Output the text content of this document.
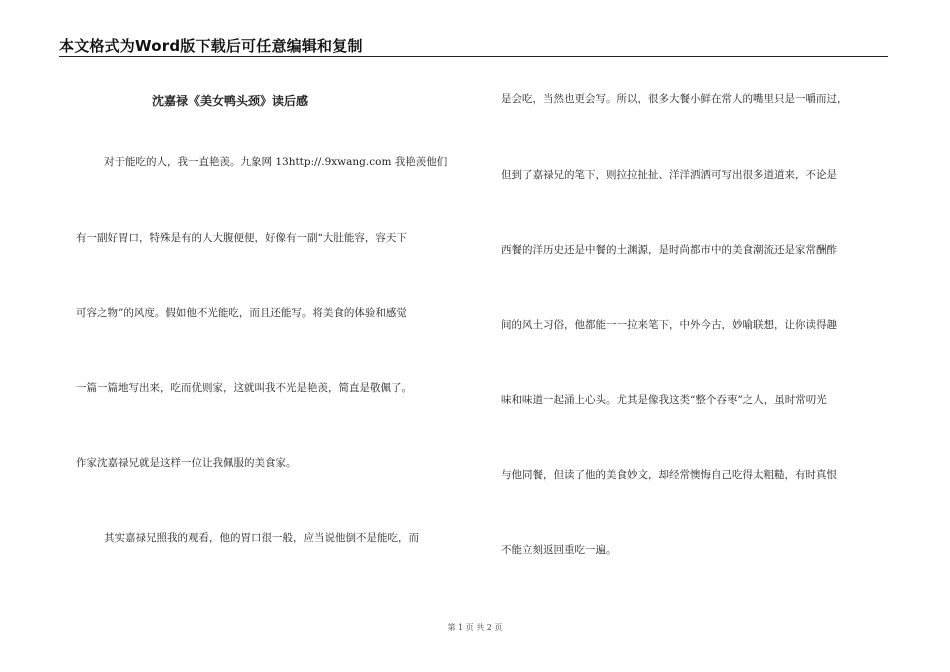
本文格式为Word版下载后可任意编辑和复制
沈嘉禄《美女鸭头颈》读后感
对于能吃的人，我一直艳羡。九象网 13http://.9xwang.com 我艳羡他们
有一副好胃口，特殊是有的人大腹便便，好像有一副“大肚能容，容天下
可容之物”的风度。假如他不光能吃，而且还能写。将美食的体验和感觉
一篇一篇地写出来，吃而优则家，这就叫我不光是艳羡，简直是敬佩了。
作家沈嘉禄兄就是这样一位让我佩服的美食家。
其实嘉禄兄照我的观看，他的胃口很一般，应当说他倒不是能吃，而
是会吃，当然也更会写。所以，很多大餐小鲜在常人的嘴里只是一嚼而过，
但到了嘉禄兄的笔下，则拉拉扯扯、洋洋洒洒可写出很多道道来，不论是
西餐的洋历史还是中餐的土渊源，是时尚都市中的美食潮流还是家常酬酢
间的风土习俗，他都能一一拉来笔下，中外今古，妙喻联想，让你读得趣
味和味道一起涌上心头。尤其是像我这类“整个吞枣”之人，虽时常叨光
与他同餐，但读了他的美食妙文，却经常懊悔自己吃得太粗糙，有时真恨
不能立刻返回重吃一遍。
第 1 页 共 2 页
